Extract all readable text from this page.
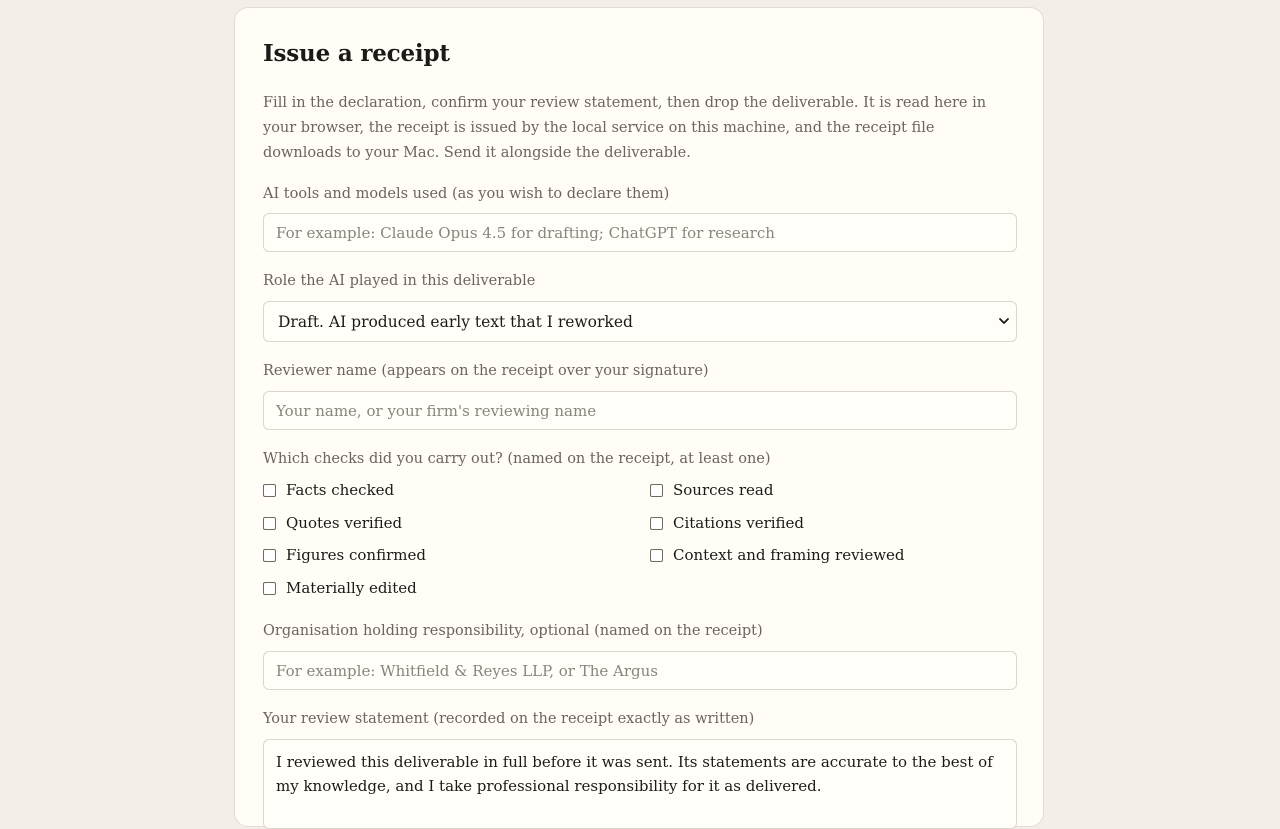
Issue a receipt

Fill in the declaration, confirm your review statement, then drop the deliverable. It is read here in your browser, the receipt is issued by the local service on this machine, and the receipt file downloads to your Mac. Send it alongside the deliverable.

AI tools and models used (as you wish to declare them)
For example: Claude Opus 4.5 for drafting; ChatGPT for research
Role the AI played in this deliverable
Draft. AI produced early text that I reworked
Reviewer name (appears on the receipt over your signature)
Your name, or your firm's reviewing name
Which checks did you carry out? (named on the receipt, at least one)
Facts checked	Sources read
Quotes verified	Citations verified
Figures confirmed	Context and framing reviewed
Materially edited
Organisation holding responsibility, optional (named on the receipt)
For example: Whitfield & Reyes LLP, or The Argus
Your review statement (recorded on the receipt exactly as written)
I reviewed this deliverable in full before it was sent. Its statements are accurate to the best of my knowledge, and I take professional responsibility for it as delivered.
